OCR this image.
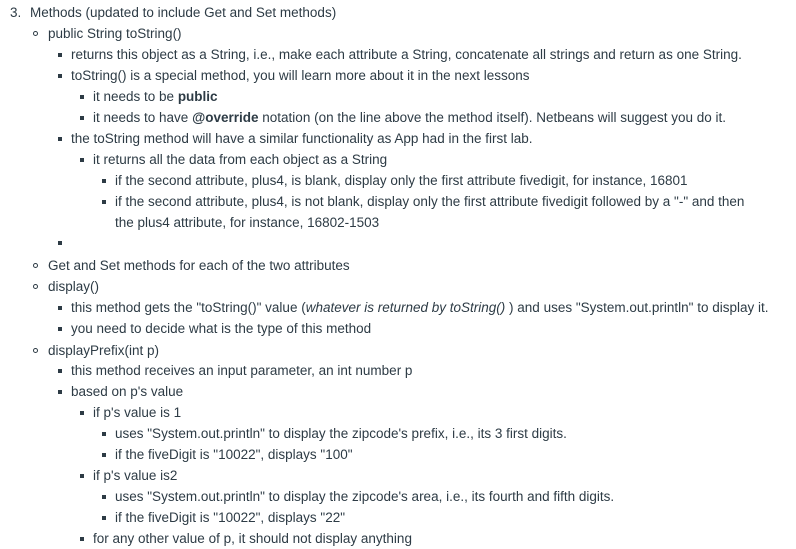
3. Methods (updated to include Get and Set methods)
public String toString()
returns this object as a String, i.e., make each attribute a String, concatenate all strings and return as one String.
toString() is a special method, you will learn more about it in the next lessons
it needs to be public
it needs to have @override notation (on the line above the method itself). Netbeans will suggest you do it.
the toString method will have a similar functionality as App had in the first lab.
it returns all the data from each object as a String
if the second attribute, plus4, is blank, display only the first attribute fivedigit, for instance, 16801
if the second attribute, plus4, is not blank, display only the first attribute fivedigit followed by a "-" and then
the plus4 attribute, for instance, 16802-1503
Get and Set methods for each of the two attributes
display()
this method gets the "toString()" value (whatever is returned by toString() ) and uses "System.out.println" to display it.
you need to decide what is the type of this method
displayPrefix(int p)
this method receives an input parameter, an int number p
based on p's value
if p's value is 1
uses "System.out.println" to display the zipcode's prefix, i.e., its 3 first digits.
if the fiveDigit is "10022", displays "100"
if p's value is2
uses "System.out.println" to display the zipcode's area, i.e., its fourth and fifth digits.
if the fiveDigit is "10022", displays "22"
for any other value of p, it should not display anything
